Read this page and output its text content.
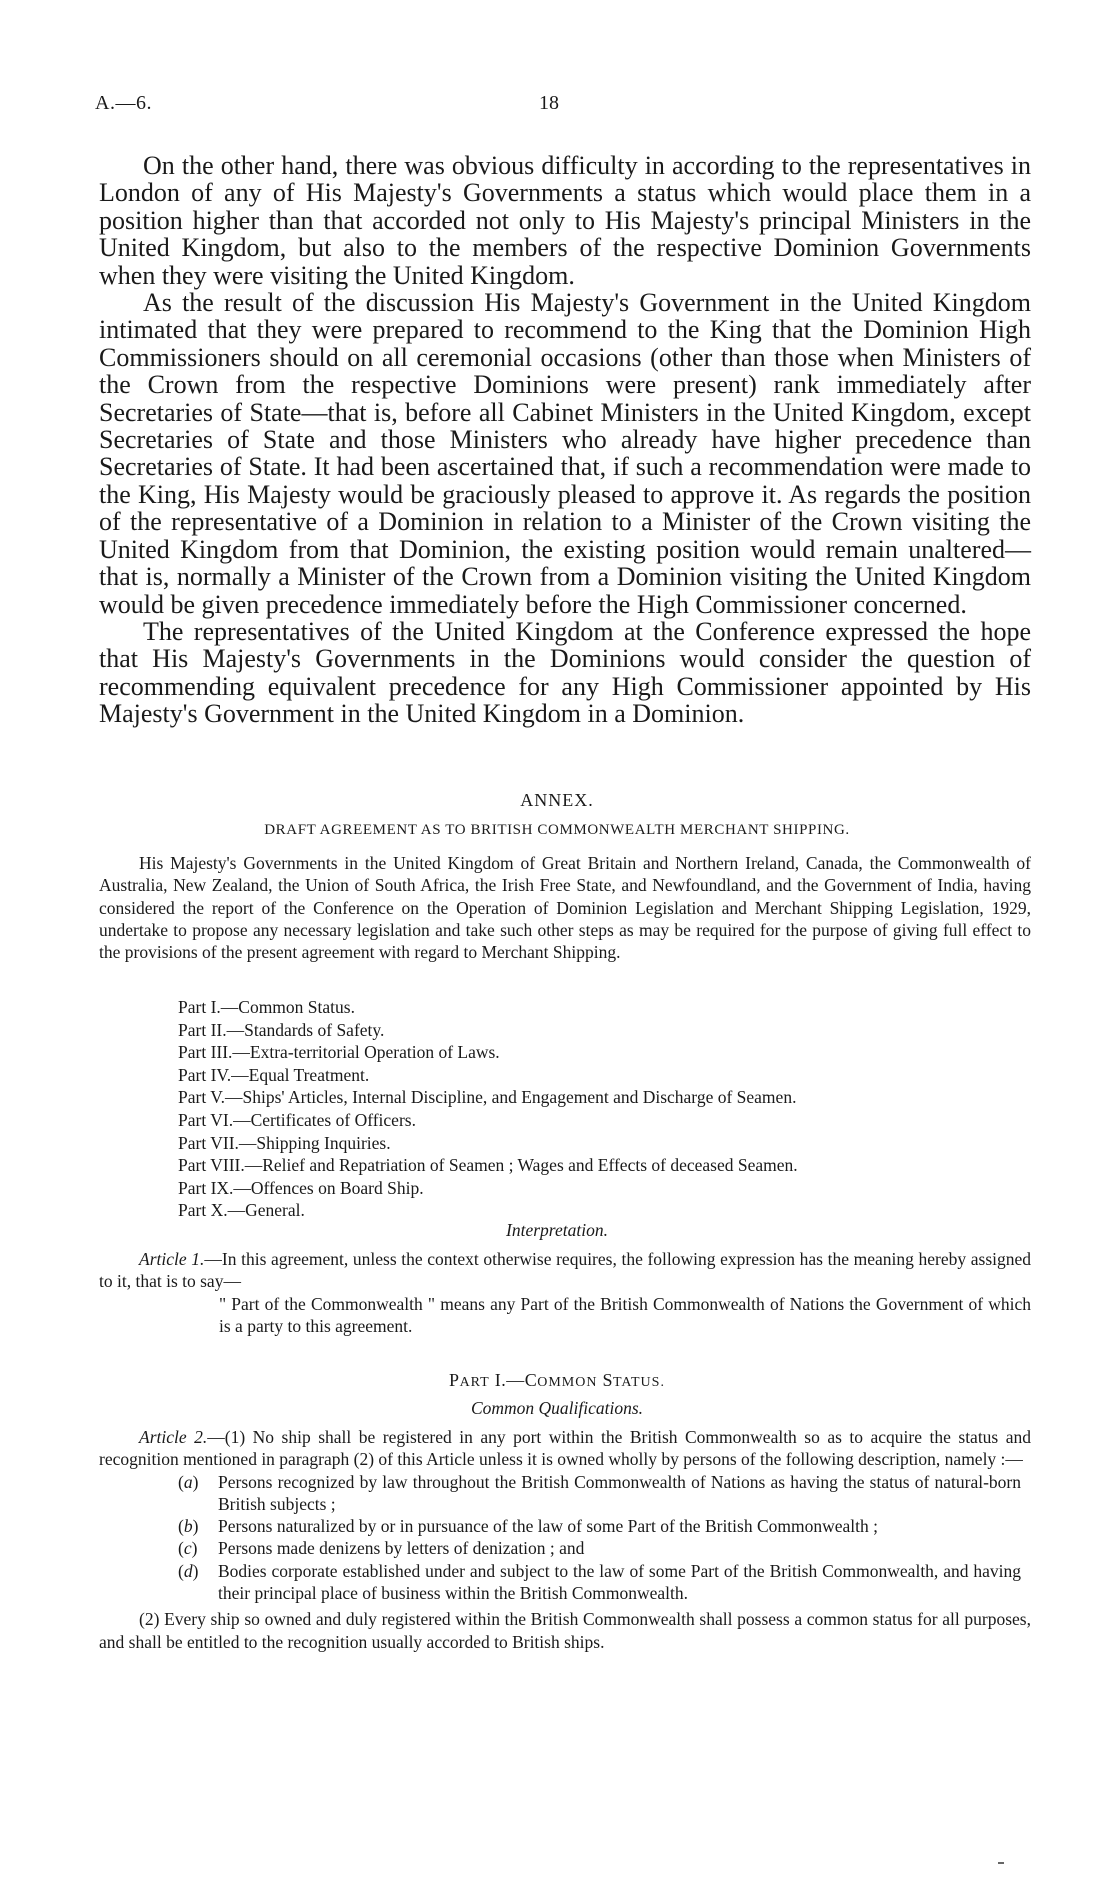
A.—6.	18

On the other hand, there was obvious difficulty in according to the representatives in London of any of His Majesty's Governments a status which would place them in a position higher than that accorded not only to His Majesty's principal Ministers in the United Kingdom, but also to the members of the respective Dominion Governments when they were visiting the United Kingdom.

As the result of the discussion His Majesty's Government in the United Kingdom intimated that they were prepared to recommend to the King that the Dominion High Commissioners should on all ceremonial occasions (other than those when Ministers of the Crown from the respective Dominions were present) rank immediately after Secretaries of State—that is, before all Cabinet Ministers in the United Kingdom, except Secretaries of State and those Ministers who already have higher precedence than Secretaries of State. It had been ascertained that, if such a recommendation were made to the King, His Majesty would be graciously pleased to approve it. As regards the position of the representative of a Dominion in relation to a Minister of the Crown visiting the United Kingdom from that Dominion, the existing position would remain unaltered—that is, normally a Minister of the Crown from a Dominion visiting the United Kingdom would be given precedence immediately before the High Commissioner concerned.

The representatives of the United Kingdom at the Conference expressed the hope that His Majesty's Governments in the Dominions would consider the question of recommending equivalent precedence for any High Commissioner appointed by His Majesty's Government in the United Kingdom in a Dominion.

ANNEX.
DRAFT AGREEMENT AS TO BRITISH COMMONWEALTH MERCHANT SHIPPING.

His Majesty's Governments in the United Kingdom of Great Britain and Northern Ireland, Canada, the Commonwealth of Australia, New Zealand, the Union of South Africa, the Irish Free State, and Newfoundland, and the Government of India, having considered the report of the Conference on the Operation of Dominion Legislation and Merchant Shipping Legislation, 1929, undertake to propose any necessary legislation and take such other steps as may be required for the purpose of giving full effect to the provisions of the present agreement with regard to Merchant Shipping.

Part I.—Common Status.
Part II.—Standards of Safety.
Part III.—Extra-territorial Operation of Laws.
Part IV.—Equal Treatment.
Part V.—Ships' Articles, Internal Discipline, and Engagement and Discharge of Seamen.
Part VI.—Certificates of Officers.
Part VII.—Shipping Inquiries.
Part VIII.—Relief and Repatriation of Seamen ; Wages and Effects of deceased Seamen.
Part IX.—Offences on Board Ship.
Part X.—General.
Interpretation.

Article 1.—In this agreement, unless the context otherwise requires, the following expression has the meaning hereby assigned to it, that is to say—

" Part of the Commonwealth " means any Part of the British Commonwealth of Nations the Government of which is a party to this agreement.

PART I.—COMMON STATUS.
Common Qualifications.

Article 2.—(1) No ship shall be registered in any port within the British Commonwealth so as to acquire the status and recognition mentioned in paragraph (2) of this Article unless it is owned wholly by persons of the following description, namely :—

(a) Persons recognized by law throughout the British Commonwealth of Nations as having the status of natural-born British subjects ;
(b) Persons naturalized by or in pursuance of the law of some Part of the British Commonwealth ;
(c) Persons made denizens by letters of denization ; and
(d) Bodies corporate established under and subject to the law of some Part of the British Commonwealth, and having their principal place of business within the British Commonwealth.

(2) Every ship so owned and duly registered within the British Commonwealth shall possess a common status for all purposes, and shall be entitled to the recognition usually accorded to British ships.
